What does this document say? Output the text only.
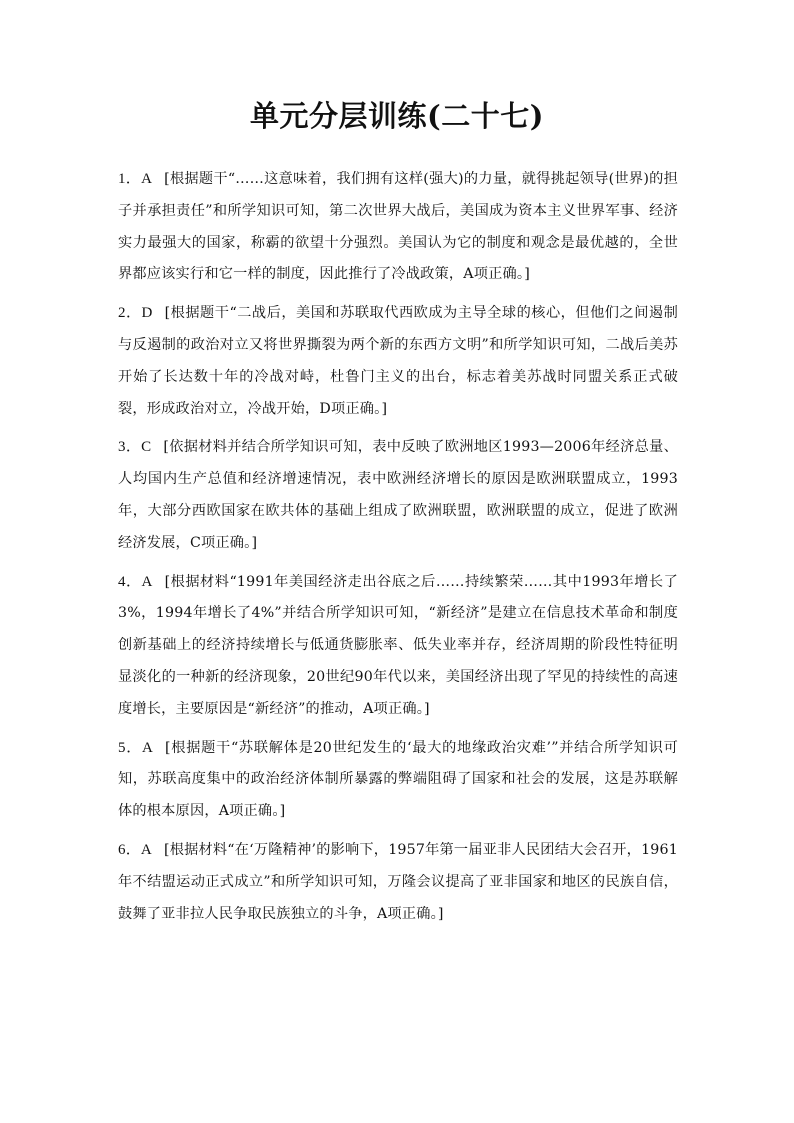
单元分层训练(二十七)

1．A [根据题干“……这意味着，我们拥有这样(强大)的力量，就得挑起领导(世界)的担子并承担责任”和所学知识可知，第二次世界大战后，美国成为资本主义世界军事、经济实力最强大的国家，称霸的欲望十分强烈。美国认为它的制度和观念是最优越的，全世界都应该实行和它一样的制度，因此推行了冷战政策，A项正确。]

2．D [根据题干“二战后，美国和苏联取代西欧成为主导全球的核心，但他们之间遏制与反遏制的政治对立又将世界撕裂为两个新的东西方文明”和所学知识可知，二战后美苏开始了长达数十年的冷战对峙，杜鲁门主义的出台，标志着美苏战时同盟关系正式破裂，形成政治对立，冷战开始，D项正确。]

3．C [依据材料并结合所学知识可知，表中反映了欧洲地区1993—2006年经济总量、人均国内生产总值和经济增速情况，表中欧洲经济增长的原因是欧洲联盟成立，1993年，大部分西欧国家在欧共体的基础上组成了欧洲联盟，欧洲联盟的成立，促进了欧洲经济发展，C项正确。]

4．A [根据材料“1991年美国经济走出谷底之后……持续繁荣……其中1993年增长了3%，1994年增长了4%”并结合所学知识可知，“新经济”是建立在信息技术革命和制度创新基础上的经济持续增长与低通货膨胀率、低失业率并存，经济周期的阶段性特征明显淡化的一种新的经济现象，20世纪90年代以来，美国经济出现了罕见的持续性的高速度增长，主要原因是“新经济”的推动，A项正确。]

5．A [根据题干“苏联解体是20世纪发生的‘最大的地缘政治灾难’”并结合所学知识可知，苏联高度集中的政治经济体制所暴露的弊端阻碍了国家和社会的发展，这是苏联解体的根本原因，A项正确。]

6．A [根据材料“在‘万隆精神’的影响下，1957年第一届亚非人民团结大会召开，1961年不结盟运动正式成立”和所学知识可知，万隆会议提高了亚非国家和地区的民族自信，鼓舞了亚非拉人民争取民族独立的斗争，A项正确。]
